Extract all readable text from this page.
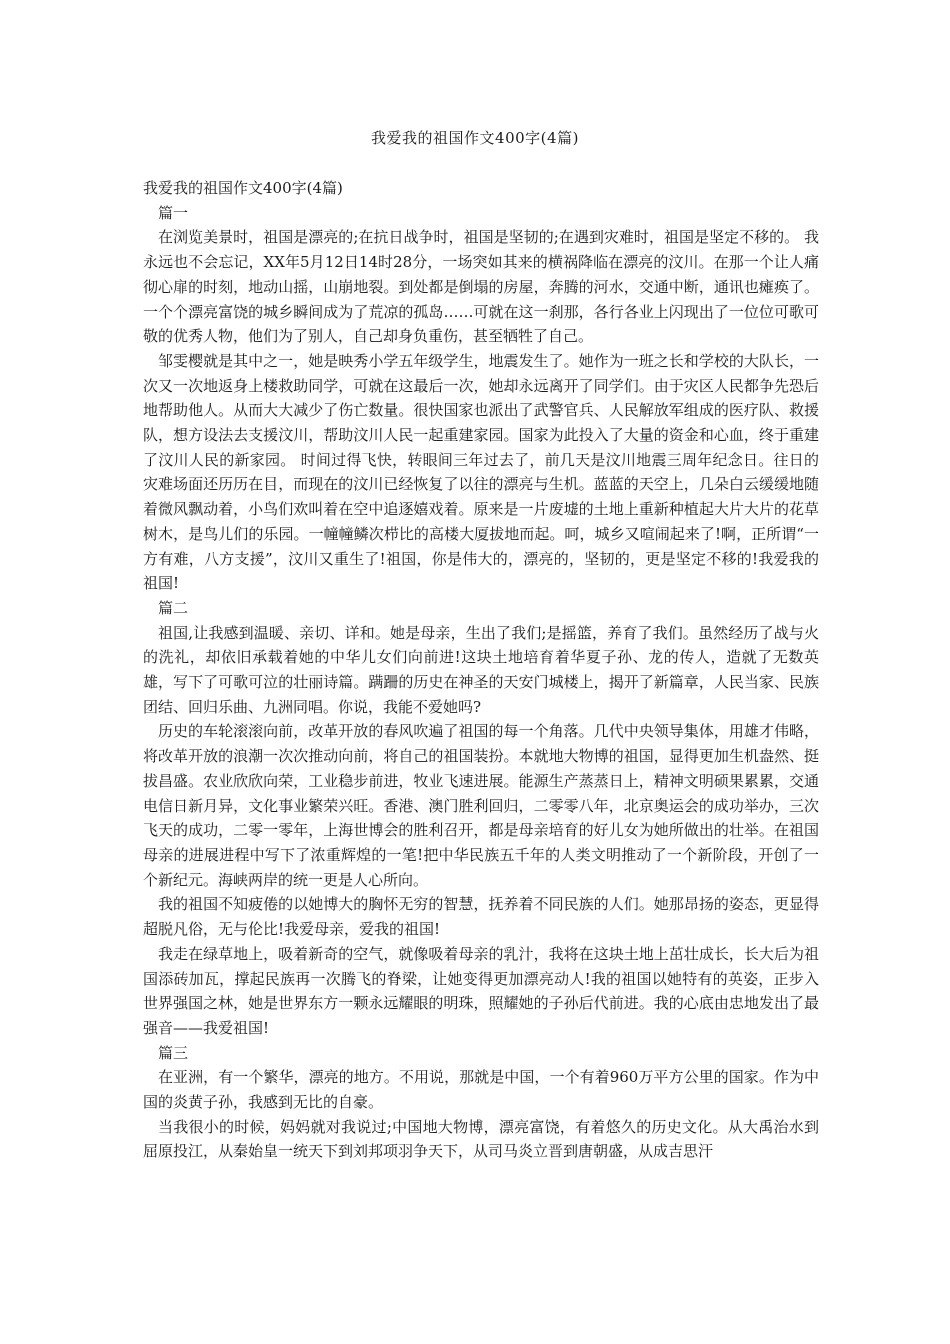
我爱我的祖国作文400字(4篇)

我爱我的祖国作文400字(4篇)

篇一

在浏览美景时，祖国是漂亮的;在抗日战争时，祖国是坚韧的;在遇到灾难时，祖国是坚定不移的。 我永远也不会忘记，XX年5月12日14时28分，一场突如其来的横祸降临在漂亮的汶川。在那一个让人痛彻心扉的时刻，地动山摇，山崩地裂。到处都是倒塌的房屋，奔腾的河水，交通中断，通讯也瘫痪了。一个个漂亮富饶的城乡瞬间成为了荒凉的孤岛……可就在这一刹那，各行各业上闪现出了一位位可歌可敬的优秀人物，他们为了别人，自己却身负重伤，甚至牺牲了自己。

邹雯樱就是其中之一，她是映秀小学五年级学生，地震发生了。她作为一班之长和学校的大队长，一次又一次地返身上楼救助同学，可就在这最后一次，她却永远离开了同学们。由于灾区人民都争先恐后地帮助他人。从而大大减少了伤亡数量。很快国家也派出了武警官兵、人民解放军组成的医疗队、救援队，想方设法去支援汶川，帮助汶川人民一起重建家园。国家为此投入了大量的资金和心血，终于重建了汶川人民的新家园。 时间过得飞快，转眼间三年过去了，前几天是汶川地震三周年纪念日。往日的灾难场面还历历在目，而现在的汶川已经恢复了以往的漂亮与生机。蓝蓝的天空上，几朵白云缓缓地随着微风飘动着，小鸟们欢叫着在空中追逐嬉戏着。原来是一片废墟的土地上重新种植起大片大片的花草树木，是鸟儿们的乐园。一幢幢鳞次栉比的高楼大厦拔地而起。呵，城乡又喧闹起来了!啊，正所谓“一方有难，八方支援”，汶川又重生了!祖国，你是伟大的，漂亮的，坚韧的，更是坚定不移的!我爱我的祖国!

篇二

祖国,让我感到温暖、亲切、详和。她是母亲，生出了我们;是摇篮，养育了我们。虽然经历了战与火的洗礼，却依旧承载着她的中华儿女们向前进!这块土地培育着华夏子孙、龙的传人，造就了无数英雄，写下了可歌可泣的壮丽诗篇。蹒跚的历史在神圣的天安门城楼上，揭开了新篇章，人民当家、民族团结、回归乐曲、九洲同唱。你说，我能不爱她吗?

历史的车轮滚滚向前，改革开放的春风吹遍了祖国的每一个角落。几代中央领导集体，用雄才伟略，将改革开放的浪潮一次次推动向前，将自己的祖国装扮。本就地大物博的祖国，显得更加生机盎然、挺拔昌盛。农业欣欣向荣，工业稳步前进，牧业飞速进展。能源生产蒸蒸日上，精神文明硕果累累，交通电信日新月异，文化事业繁荣兴旺。香港、澳门胜利回归，二零零八年，北京奥运会的成功举办，三次飞天的成功，二零一零年，上海世博会的胜利召开，都是母亲培育的好儿女为她所做出的壮举。在祖国母亲的进展进程中写下了浓重辉煌的一笔!把中华民族五千年的人类文明推动了一个新阶段，开创了一个新纪元。海峡两岸的统一更是人心所向。

我的祖国不知疲倦的以她博大的胸怀无穷的智慧，抚养着不同民族的人们。她那昂扬的姿态，更显得超脱凡俗，无与伦比!我爱母亲，爱我的祖国!

我走在绿草地上，吸着新奇的空气，就像吸着母亲的乳汁，我将在这块土地上茁壮成长，长大后为祖国添砖加瓦，撑起民族再一次腾飞的脊梁，让她变得更加漂亮动人!我的祖国以她特有的英姿，正步入世界强国之林，她是世界东方一颗永远耀眼的明珠，照耀她的子孙后代前进。我的心底由忠地发出了最强音——我爱祖国!

篇三

在亚洲，有一个繁华，漂亮的地方。不用说，那就是中国，一个有着960万平方公里的国家。作为中国的炎黄子孙，我感到无比的自豪。

当我很小的时候，妈妈就对我说过;中国地大物博，漂亮富饶，有着悠久的历史文化。从大禹治水到屈原投江，从秦始皇一统天下到刘邦项羽争天下，从司马炎立晋到唐朝盛，从成吉思汗
